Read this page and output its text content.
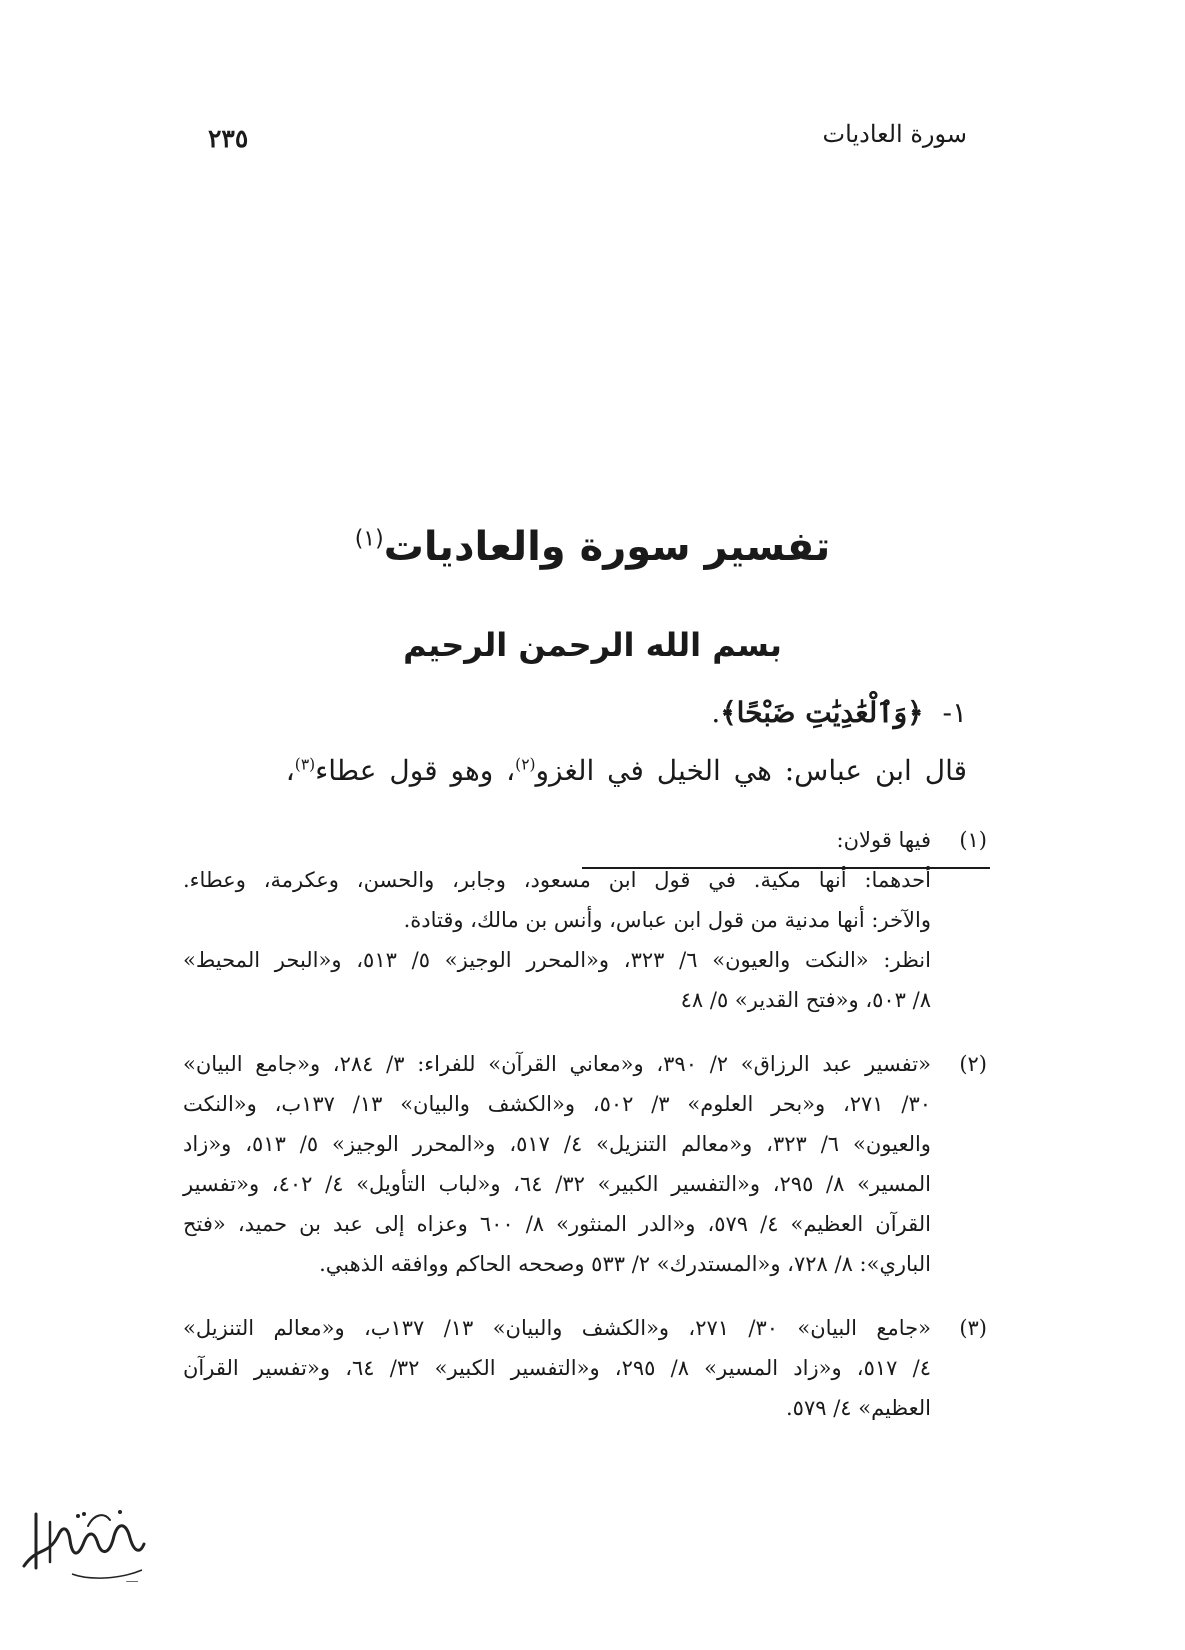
سورة العاديات
٢٣٥
تفسير سورة والعاديات$^{(١)}$
بسم الله الرحمن الرحيم
١- ﴿وَٱلْعَٰدِيَٰتِ ضَبْحًا﴾.
قال ابن عباس: هي الخيل في الغزو$^{(٢)}$، وهو قول عطاء$^{(٣)}$،
(١)
فيها قولان:
أحدهما: أنها مكية. في قول ابن مسعود، وجابر، والحسن، وعكرمة، وعطاء.
والآخر: أنها مدنية من قول ابن عباس، وأنس بن مالك، وقتادة.
انظر: «النكت والعيون» ٦/ ٣٢٣، و«المحرر الوجيز» ٥/ ٥١٣، و«البحر المحيط»
٨/ ٥٠٣، و«فتح القدير» ٥/ ٤٨
(٢)
«تفسير عبد الرزاق» ٢/ ٣٩٠، و«معاني القرآن» للفراء: ٣/ ٢٨٤، و«جامع البيان»
٣٠/ ٢٧١، و«بحر العلوم» ٣/ ٥٠٢، و«الكشف والبيان» ١٣/ ١٣٧ب، و«النكت
والعيون» ٦/ ٣٢٣، و«معالم التنزيل» ٤/ ٥١٧، و«المحرر الوجيز» ٥/ ٥١٣، و«زاد
المسير» ٨/ ٢٩٥، و«التفسير الكبير» ٣٢/ ٦٤، و«لباب التأويل» ٤/ ٤٠٢، و«تفسير
القرآن العظيم» ٤/ ٥٧٩، و«الدر المنثور» ٨/ ٦٠٠ وعزاه إلى عبد بن حميد، «فتح
الباري»: ٨/ ٧٢٨، و«المستدرك» ٢/ ٥٣٣ وصححه الحاكم ووافقه الذهبي.
(٣)
«جامع البيان» ٣٠/ ٢٧١، و«الكشف والبيان» ١٣/ ١٣٧ب، و«معالم التنزيل»
٤/ ٥١٧، و«زاد المسير» ٨/ ٢٩٥، و«التفسير الكبير» ٣٢/ ٦٤، و«تفسير القرآن
العظيم» ٤/ ٥٧٩.
ـــــ
